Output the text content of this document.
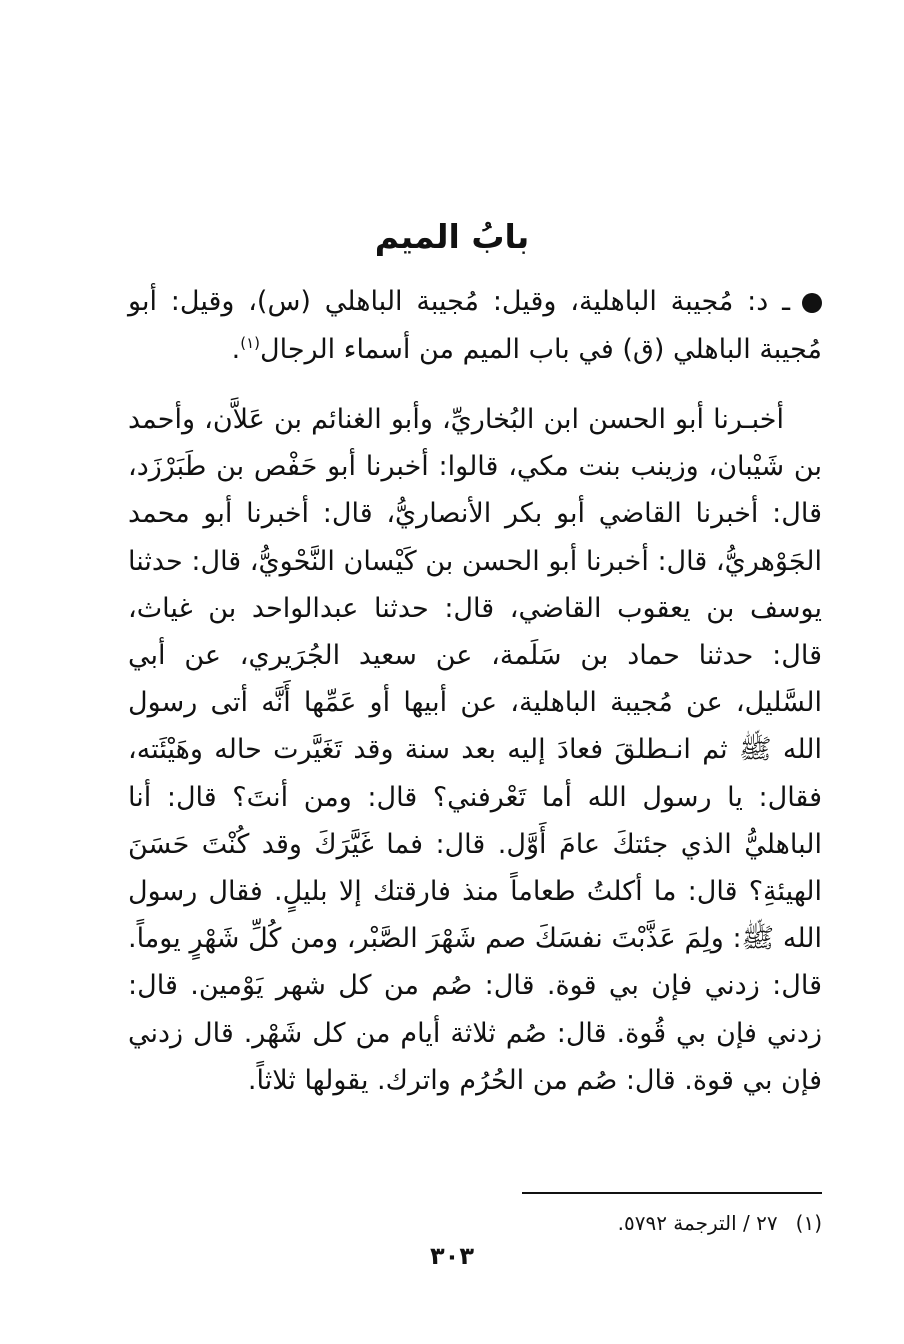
بابُ الميم
ـ د: مُجيبة الباهلية، وقيل: مُجيبة الباهلي (س)، وقيل: أبو مُجيبة الباهلي (ق) في باب الميم من أسماء الرجال$^{(١)}$.
أخبـرنا أبو الحسن ابن البُخاريِّ، وأبو الغنائم بن عَلاَّن، وأحمد بن شَيْبان، وزينب بنت مكي، قالوا: أخبرنا أبو حَفْص بن طَبَرْزَد، قال: أخبرنا القاضي أبو بكر الأنصاريُّ، قال: أخبرنا أبو محمد الجَوْهريُّ، قال: أخبرنا أبو الحسن بن كَيْسان النَّحْويُّ، قال: حدثنا يوسف بن يعقوب القاضي، قال: حدثنا عبدالواحد بن غياث، قال: حدثنا حماد بن سَلَمة، عن سعيد الجُرَيري، عن أبي السَّليل، عن مُجيبة الباهلية، عن أبيها أو عَمِّها أَنَّه أتى رسول الله ﷺ ثم انـطلقَ فعادَ إليه بعد سنة وقد تَغَيَّرت حاله وهَيْئَته، فقال: يا رسول الله أما تَعْرفني؟ قال: ومن أنتَ؟ قال: أنا الباهليُّ الذي جئتكَ عامَ أَوَّل. قال: فما غَيَّرَكَ وقد كُنْتَ حَسَنَ الهيئةِ؟ قال: ما أكلتُ طعاماً منذ فارقتك إلا بليلٍ. فقال رسول الله ﷺ: ولِمَ عَذَّبْتَ نفسَكَ صم شَهْرَ الصَّبْر، ومن كُلِّ شَهْرٍ يوماً. قال: زدني فإن بي قوة. قال: صُم من كل شهر يَوْمين. قال: زدني فإن بي قُوة. قال: صُم ثلاثة أيام من كل شَهْر. قال زدني فإن بي قوة. قال: صُم من الحُرُم واترك. يقولها ثلاثاً.
(١)٢٧ / الترجمة ٥٧٩٢.
٣٠٣
